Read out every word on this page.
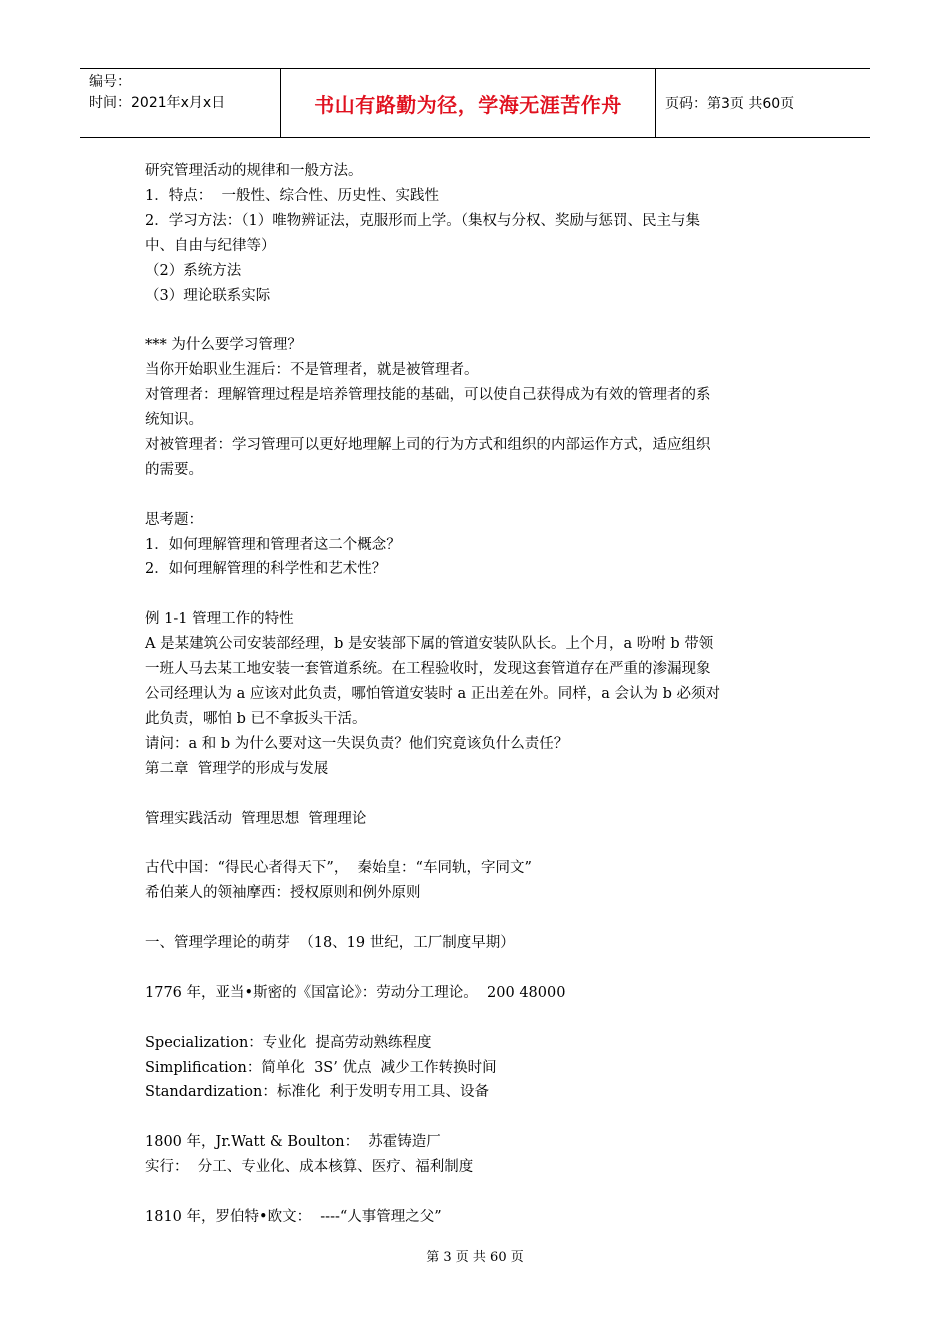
编号：
时间：2021年x月x日	书山有路勤为径，学海无涯苦作舟	页码：第3页 共60页

研究管理活动的规律和一般方法。

1．特点：  一般性、综合性、历史性、实践性

2．学习方法：（1）唯物辨证法，克服形而上学。（集权与分权、奖励与惩罚、民主与集

中、自由与纪律等）

（2）系统方法

（3）理论联系实际

*** 为什么要学习管理？

当你开始职业生涯后：不是管理者，就是被管理者。

对管理者：理解管理过程是培养管理技能的基础，可以使自己获得成为有效的管理者的系

统知识。

对被管理者：学习管理可以更好地理解上司的行为方式和组织的内部运作方式，适应组织

的需要。

思考题：

1．如何理解管理和管理者这二个概念？

2．如何理解管理的科学性和艺术性？

例 1-1 管理工作的特性

A 是某建筑公司安装部经理，b 是安装部下属的管道安装队队长。上个月，a 吩咐 b 带领

一班人马去某工地安装一套管道系统。在工程验收时，发现这套管道存在严重的渗漏现象

公司经理认为 a 应该对此负责，哪怕管道安装时 a 正出差在外。同样，a 会认为 b 必须对

此负责，哪怕 b 已不拿扳头干活。

请问：a 和 b 为什么要对这一失误负责？他们究竟该负什么责任？

第二章  管理学的形成与发展

管理实践活动  管理思想  管理理论

古代中国：“得民心者得天下”，  秦始皇：“车同轨，字同文”

希伯莱人的领袖摩西：授权原则和例外原则

一、管理学理论的萌芽  （18、19 世纪，工厂制度早期）

1776 年，亚当•斯密的《国富论》：劳动分工理论。  200 48000

Specialization：专业化  提高劳动熟练程度

Simplification：简单化  3S’ 优点  减少工作转换时间

Standardization：标准化  利于发明专用工具、设备

1800 年，Jr.Watt & Boulton：  苏霍铸造厂

实行：  分工、专业化、成本核算、医疗、福利制度

1810 年，罗伯特•欧文：  ----“人事管理之父”

第 3 页 共 60 页
